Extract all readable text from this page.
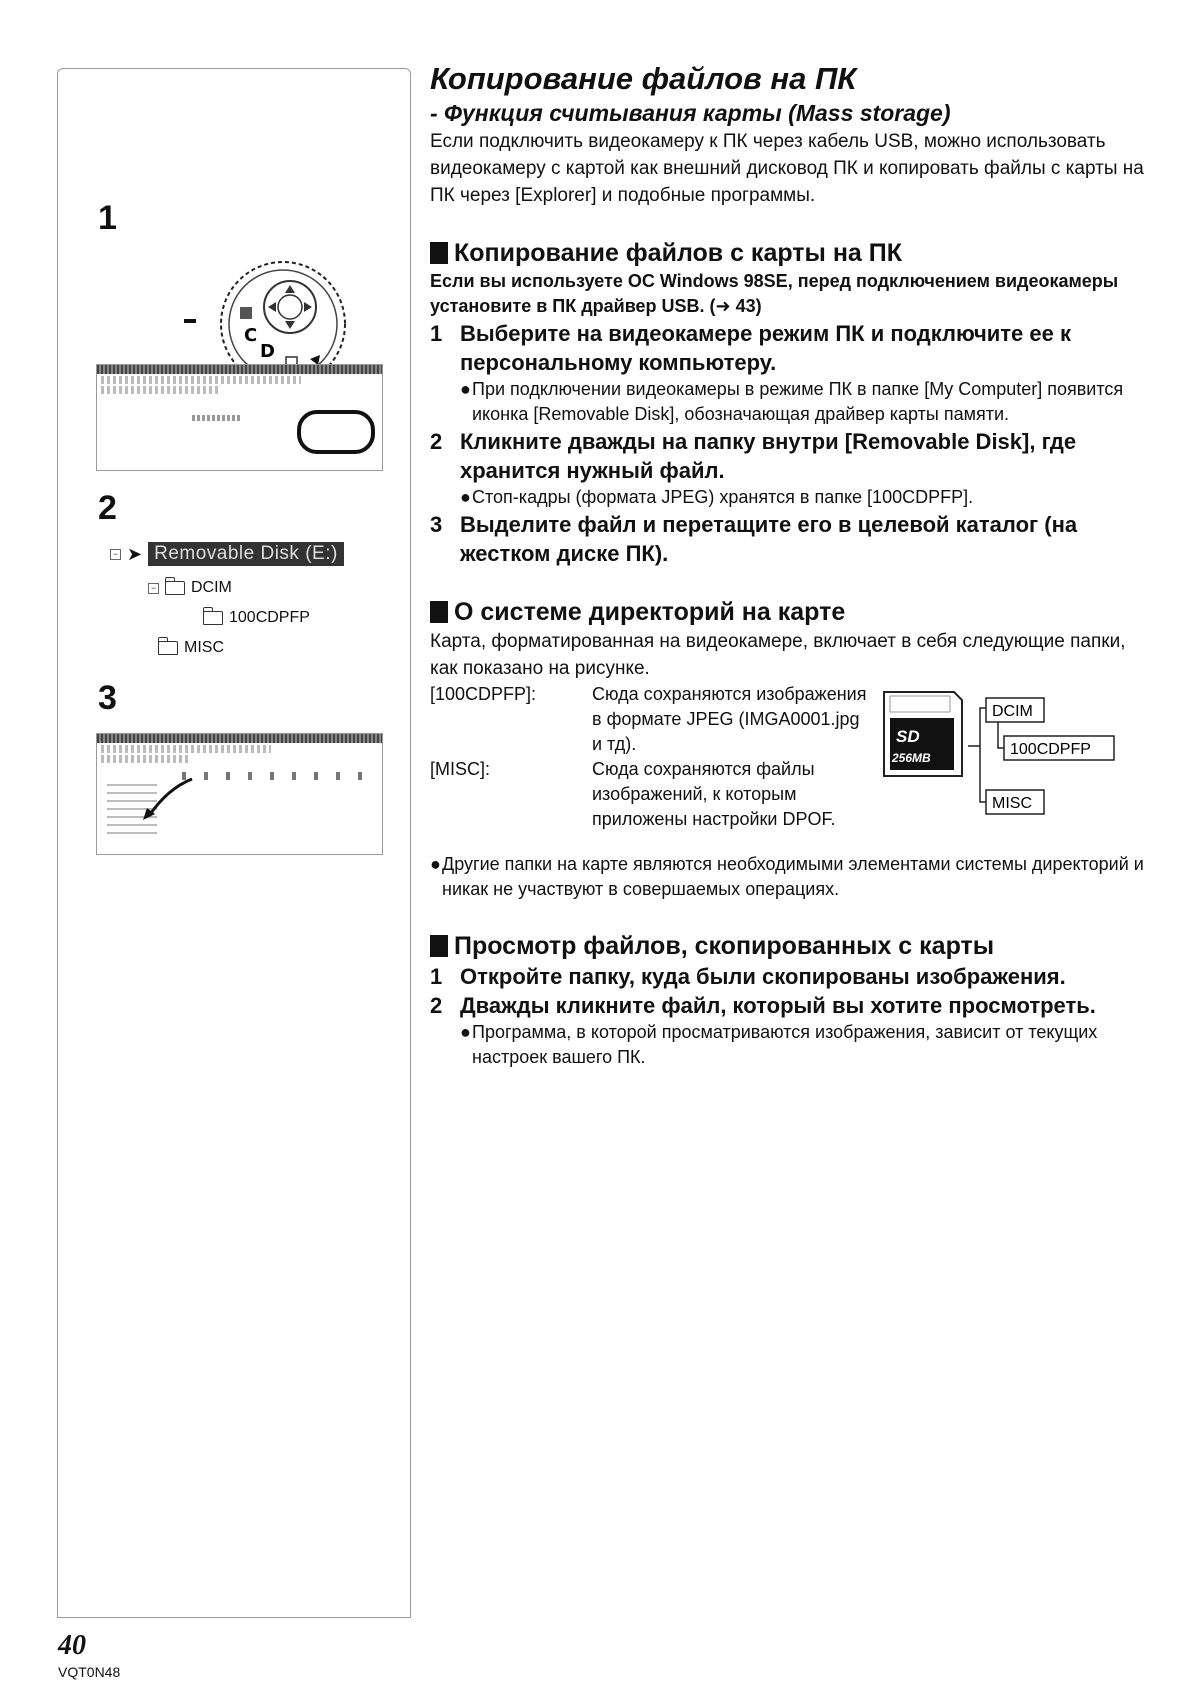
1
C
D
2
− ➤ Removable Disk (E:)
− DCIM
100CDPFP
MISC
3
Копирование файлов на ПК
- Функция считывания карты (Mass storage)

Если подключить видеокамеру к ПК через кабель USB, можно использовать видеокамеру с картой как внешний дисковод ПК и копировать файлы с карты на ПК через [Explorer] и подобные программы.

Копирование файлов с карты на ПК

Если вы используете ОС Windows 98SE, перед подключением видеокамеры установите в ПК драйвер USB. (➜ 43)

1 Выберите на видеокамере режим ПК и подключите ее к персональному компьютеру.
● При подключении видеокамеры в режиме ПК в папке [My Computer] появится иконка [Removable Disk], обозначающая драйвер карты памяти.
2 Кликните дважды на папку внутри [Removable Disk], где хранится нужный файл.
● Стоп-кадры (формата JPEG) хранятся в папке [100CDPFP].
3 Выделите файл и перетащите его в целевой каталог (на жестком диске ПК).
О системе директорий на карте

Карта, форматированная на видеокамере, включает в себя следующие папки, как показано на рисунке.

[100CDPFP]:	Сюда сохраняются изображения в формате JPEG (IMGA0001.jpg и тд).
[MISC]:	Сюда сохраняются файлы изображений, к которым приложены настройки DPOF.
SD
256MB
DCIM
100CDPFP
MISC
● Другие папки на карте являются необходимыми элементами системы директорий и никак не участвуют в совершаемых операциях.
Просмотр файлов, скопированных с карты
1 Откройте папку, куда были скопированы изображения.
2 Дважды кликните файл, который вы хотите просмотреть.
● Программа, в которой просматриваются изображения, зависит от текущих настроек вашего ПК.
40
VQT0N48
